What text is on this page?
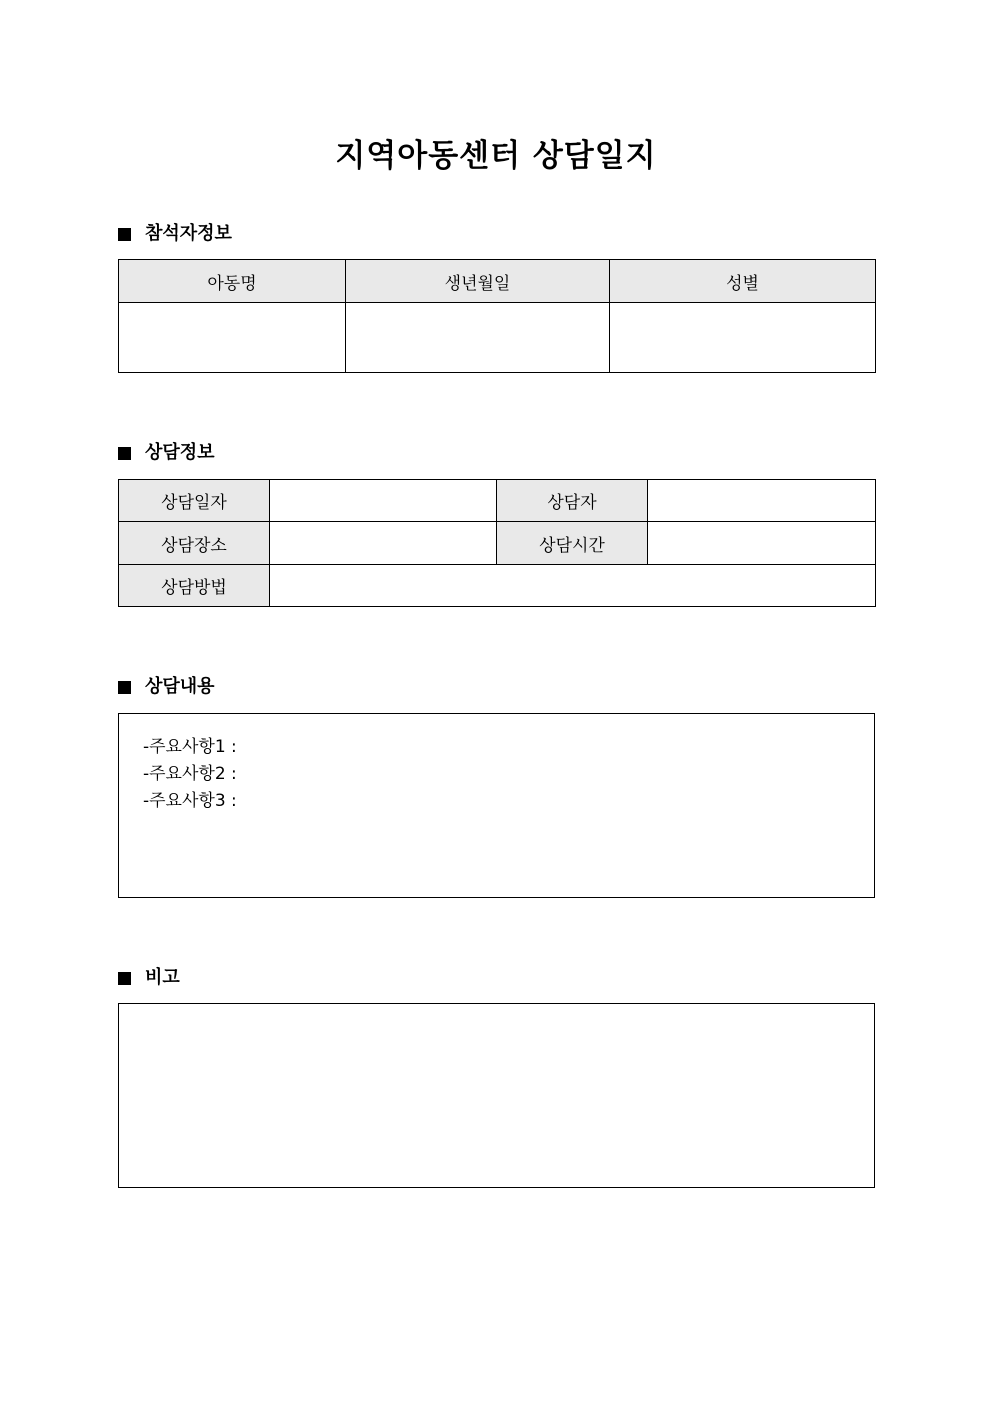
지역아동센터 상담일지
참석자정보
아동명	생년월일	성별

상담정보
상담일자		상담자	
상담장소		상담시간	
상담방법			
상담내용
-주요사항1 :
-주요사항2 :
-주요사항3 :
비고
